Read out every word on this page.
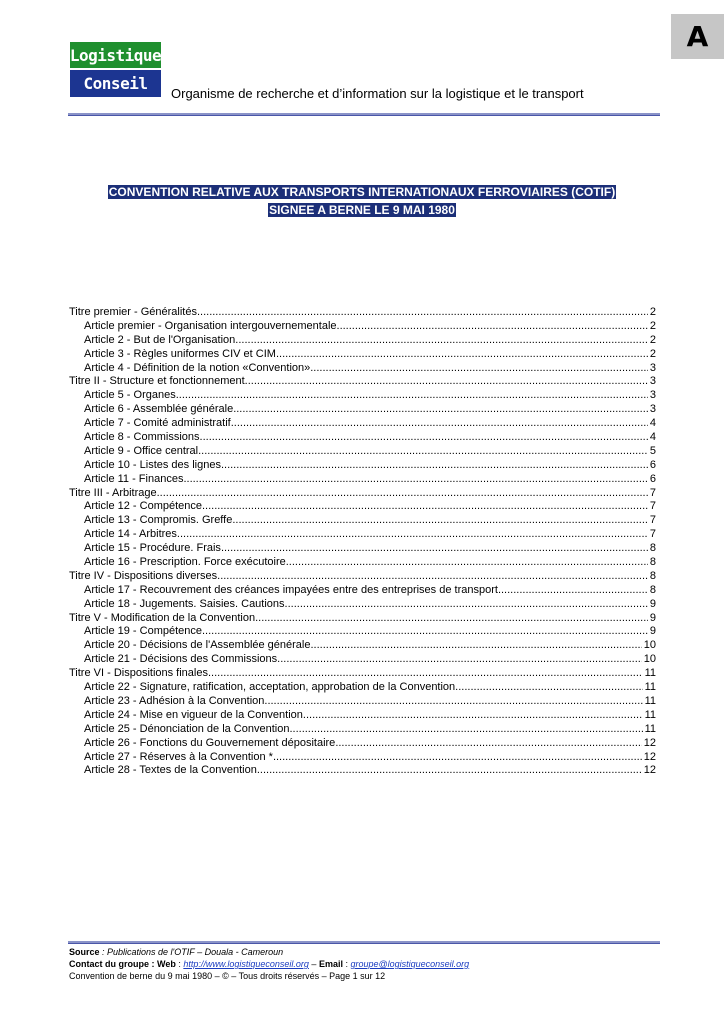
A
Logistique
Conseil
Organisme de recherche et d’information sur la logistique et le transport
CONVENTION RELATIVE AUX TRANSPORTS INTERNATIONAUX FERROVIAIRES (COTIF)
SIGNEE A BERNE LE 9 MAI 1980
Titre premier - Généralités .....	2
Article premier - Organisation intergouvernementale .....	2
Article 2 - But de l'Organisation .....	2
Article 3 - Règles uniformes CIV et CIM .....	2
Article 4 - Définition de la notion «Convention» .....	3
Titre II - Structure et fonctionnement .....	3
Article 5 - Organes .....	3
Article 6 - Assemblée générale .....	3
Article 7 - Comité administratif .....	4
Article 8 - Commissions .....	4
Article 9 - Office central .....	5
Article 10 - Listes des lignes .....	6
Article 11 - Finances .....	6
Titre III - Arbitrage .....	7
Article 12 - Compétence .....	7
Article 13 - Compromis. Greffe .....	7
Article 14 - Arbitres .....	7
Article 15 - Procédure. Frais .....	8
Article 16 - Prescription. Force exécutoire .....	8
Titre IV - Dispositions diverses .....	8
Article 17 - Recouvrement des créances impayées entre des entreprises de transport .....	8
Article 18 - Jugements. Saisies. Cautions .....	9
Titre V - Modification de la Convention .....	9
Article 19 - Compétence .....	9
Article 20 - Décisions de l'Assemblée générale .....	10
Article 21 - Décisions des Commissions .....	10
Titre VI - Dispositions finales .....	11
Article 22 - Signature, ratification, acceptation, approbation de la Convention .....	11
Article 23 - Adhésion à la Convention .....	11
Article 24 - Mise en vigueur de la Convention .....	11
Article 25 - Dénonciation de la Convention .....	11
Article 26 - Fonctions du Gouvernement dépositaire .....	12
Article 27 - Réserves à la Convention * .....	12
Article 28 - Textes de la Convention .....	12
Source : Publications de l'OTIF – Douala - Cameroun
Contact du groupe : Web : http://www.logistiqueconseil.org – Email : groupe@logistiqueconseil.org
Convention de berne du 9 mai 1980 – © – Tous droits réservés – Page 1 sur 12
